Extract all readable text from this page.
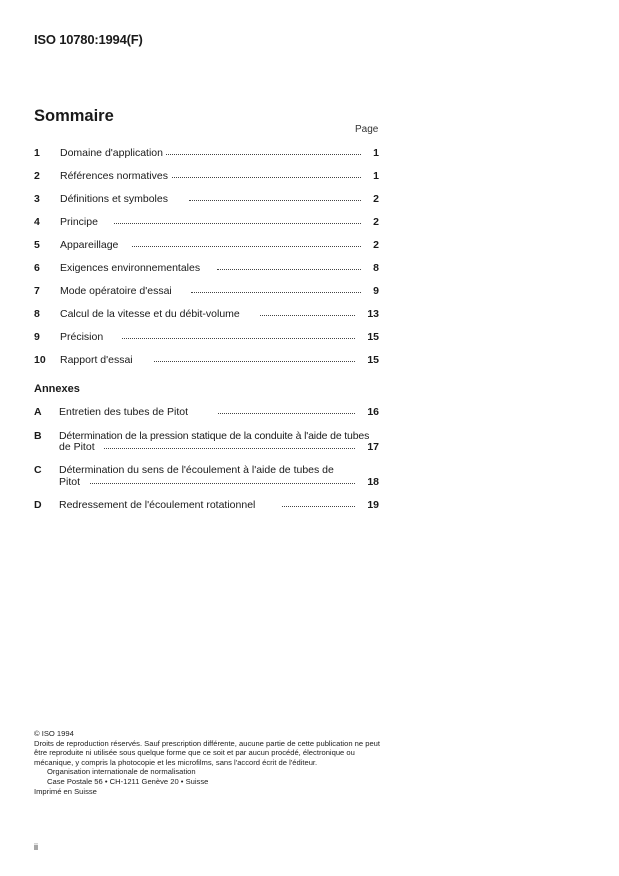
ISO 10780:1994(F)
Sommaire
Page
1 Domaine d'application	1
2 Références normatives	1
3 Définitions et symboles	2
4 Principe	2
5 Appareillage	2
6 Exigences environnementales	8
7 Mode opératoire d'essai	9
8 Calcul de la vitesse et du débit-volume	13
9 Précision	15
10 Rapport d'essai	15
A Entretien des tubes de Pitot	16
B Détermination de la pression statique de la conduite à l'aide de tubes
de Pitot	17
C Détermination du sens de l'écoulement à l'aide de tubes de
Pitot	18
D Redressement de l'écoulement rotationnel	19
Annexes

© ISO 1994

Droits de reproduction réservés. Sauf prescription différente, aucune partie de cette publication ne peut être reproduite ni utilisée sous quelque forme que ce soit et par aucun procédé, électronique ou mécanique, y compris la photocopie et les microfilms, sans l'accord écrit de l'éditeur.

Organisation internationale de normalisation

Case Postale 56 • CH-1211 Genève 20 • Suisse

Imprimé en Suisse

ii
